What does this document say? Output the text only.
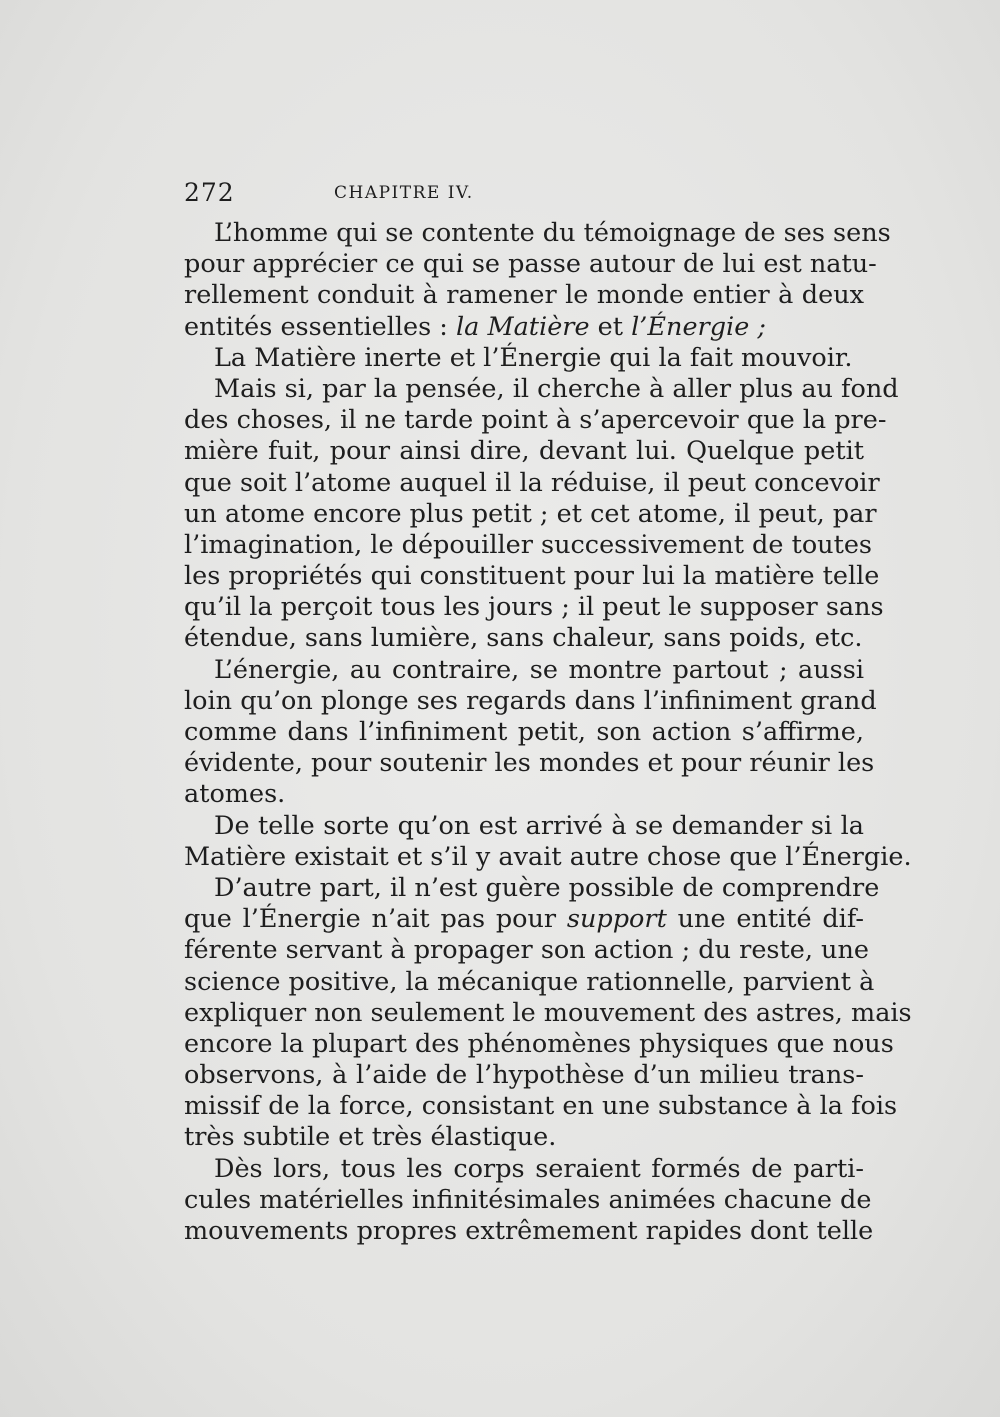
272	CHAPITRE IV.
L’homme qui se contente du témoignage de ses sens
pour apprécier ce qui se passe autour de lui est natu-
rellement conduit à ramener le monde entier à deux
entités essentielles : la Matière et l’Énergie ;
La Matière inerte et l’Énergie qui la fait mouvoir.
Mais si, par la pensée, il cherche à aller plus au fond
des choses, il ne tarde point à s’apercevoir que la pre-
mière fuit, pour ainsi dire, devant lui. Quelque petit
que soit l’atome auquel il la réduise, il peut concevoir
un atome encore plus petit ; et cet atome, il peut, par
l’imagination, le dépouiller successivement de toutes
les propriétés qui constituent pour lui la matière telle
qu’il la perçoit tous les jours ; il peut le supposer sans
étendue, sans lumière, sans chaleur, sans poids, etc.
L’énergie, au contraire, se montre partout ; aussi
loin qu’on plonge ses regards dans l’infiniment grand
comme dans l’infiniment petit, son action s’affirme,
évidente, pour soutenir les mondes et pour réunir les
atomes.
De telle sorte qu’on est arrivé à se demander si la
Matière existait et s’il y avait autre chose que l’Énergie.
D’autre part, il n’est guère possible de comprendre
que l’Énergie n’ait pas pour support une entité dif-
férente servant à propager son action ; du reste, une
science positive, la mécanique rationnelle, parvient à
expliquer non seulement le mouvement des astres, mais
encore la plupart des phénomènes physiques que nous
observons, à l’aide de l’hypothèse d’un milieu trans-
missif de la force, consistant en une substance à la fois
très subtile et très élastique.
Dès lors, tous les corps seraient formés de parti-
cules matérielles infinitésimales animées chacune de
mouvements propres extrêmement rapides dont telle
